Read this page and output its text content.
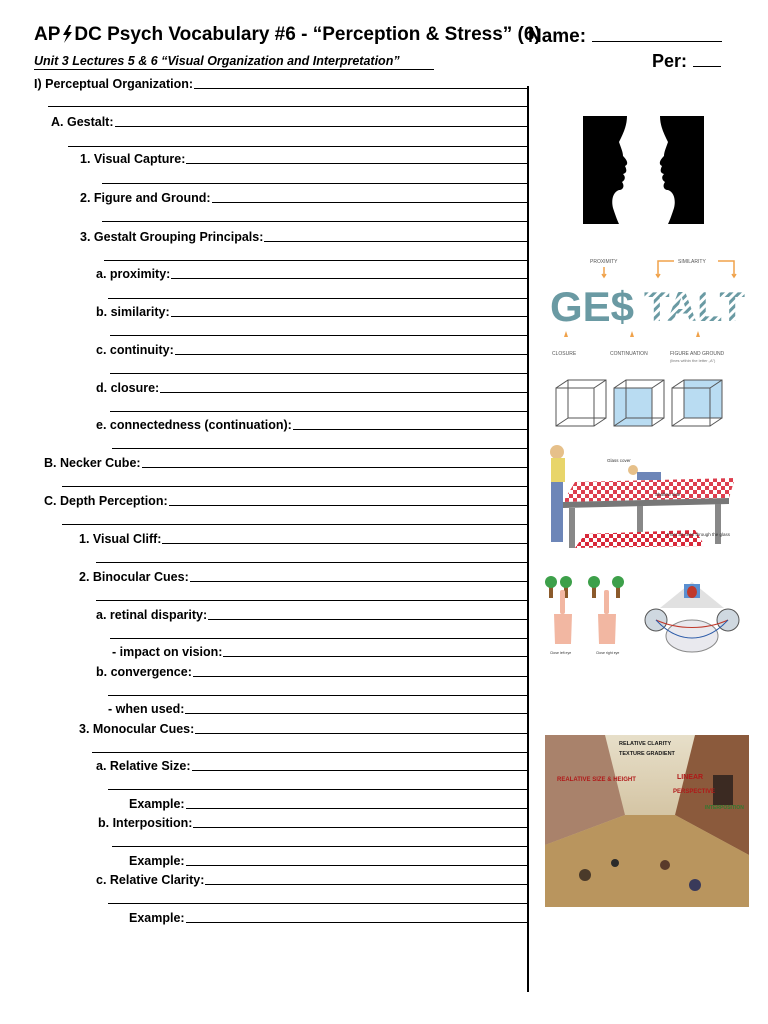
AP DC Psych Vocabulary #6 - “Perception & Stress” (6)
Name:
Per:
Unit 3 Lectures 5 & 6 “Visual Organization and Interpretation”
I) Perceptual Organization:
A. Gestalt:
1. Visual Capture:
2. Figure and Ground:
3. Gestalt Grouping Principals:
a. proximity:
b. similarity:
c. continuity:
d. closure:
e. connectedness (continuation):
B. Necker Cube:
C. Depth Perception:
1. Visual Cliff:
2. Binocular Cues:
a. retinal disparity:
- impact on vision:
b. convergence:
- when used:
3. Monocular Cues:
a. Relative Size:
Example:
b. Interposition:
Example:
c. Relative Clarity:
Example:
PROXIMITY	SIMILARITY
GE$ TALT
CLOSURE	CONTINUATION	FIGURE AND GROUND
(lines within the letter „A”)
Glass cover
Shallow side
Floor as seen through the glass
Close left eye	Close right eye
RELATIVE CLARITY
TEXTURE GRADIENT
REALATIVE SIZE & HEIGHT	LINEAR
PERSPECTIVE
INTERPOSITION
